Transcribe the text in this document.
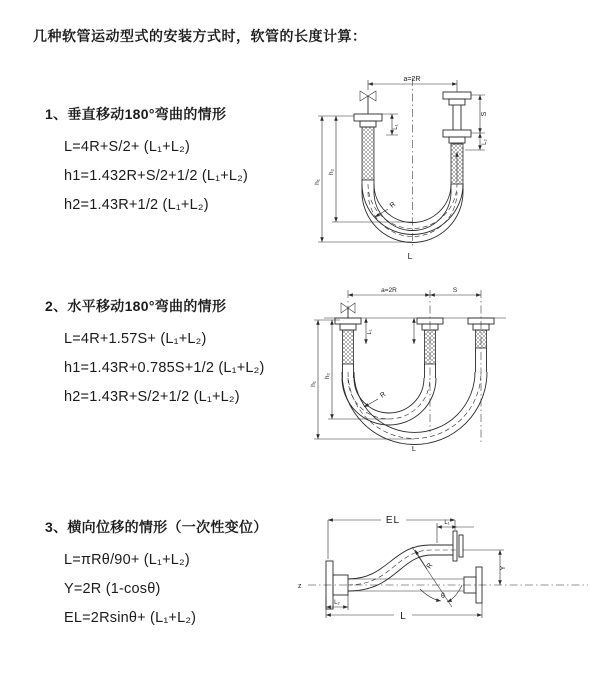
几种软管运动型式的安装方式时，软管的长度计算：
1、垂直移动180°弯曲的情形
L=4R+S/2+ (L₁+L₂)
h1=1.432R+S/2+1/2 (L₁+L₂)
h2=1.43R+1/2 (L₁+L₂)
a=2R
L₁
S
L₂
h₁
h₂
R
L
2、水平移动180°弯曲的情形
L=4R+1.57S+ (L₁+L₂)
h1=1.43R+0.785S+1/2 (L₁+L₂)
h2=1.43R+S/2+1/2 (L₁+L₂)
a=2R	S
L₁
h₁
h₂
R
L
3、横向位移的情形（一次性变位）
L=πRθ/90+ (L₁+L₂)
Y=2R (1-cosθ)
EL=2Rsinθ+ (L₁+L₂)
z
EL	L₁
Y
R
θ
L₂
L
